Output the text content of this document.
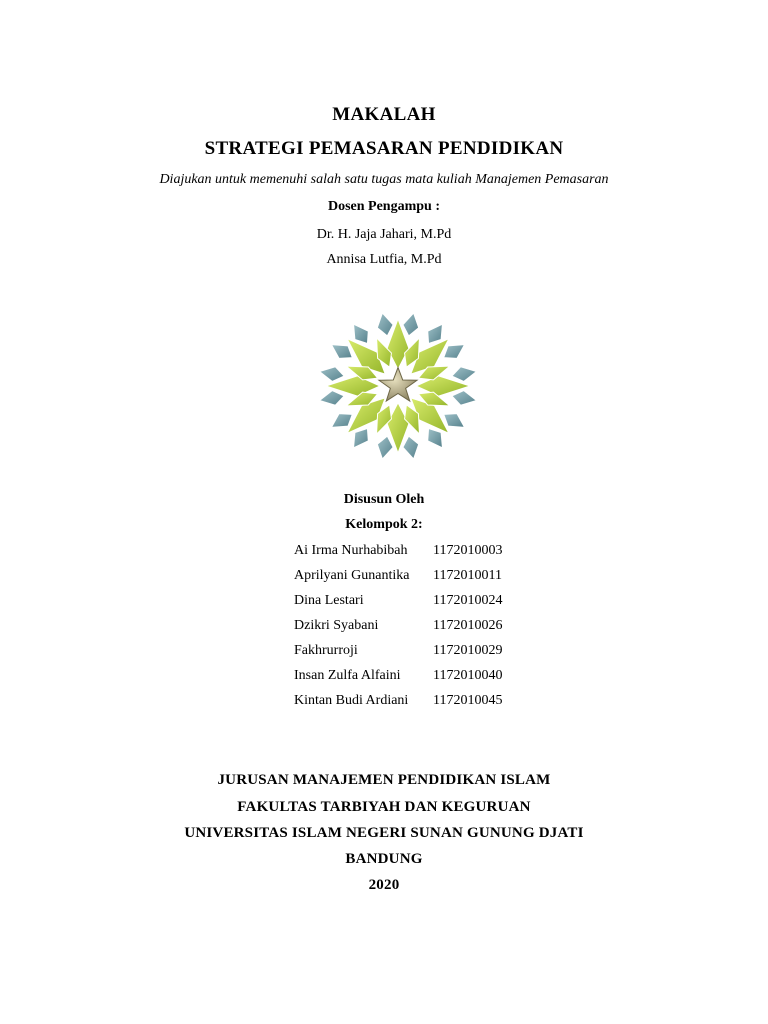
MAKALAH
STRATEGI PEMASARAN PENDIDIKAN
Diajukan untuk memenuhi salah satu tugas mata kuliah Manajemen Pemasaran
Dosen Pengampu :
Dr. H. Jaja Jahari, M.Pd
Annisa Lutfia, M.Pd
Disusun Oleh
Kelompok 2:
Ai Irma Nurhabibah	1172010003
Aprilyani Gunantika	1172010011
Dina Lestari	1172010024
Dzikri Syabani	1172010026
Fakhrurroji	1172010029
Insan Zulfa Alfaini	1172010040
Kintan Budi Ardiani	1172010045
JURUSAN MANAJEMEN PENDIDIKAN ISLAM
FAKULTAS TARBIYAH DAN KEGURUAN
UNIVERSITAS ISLAM NEGERI SUNAN GUNUNG DJATI
BANDUNG
2020
